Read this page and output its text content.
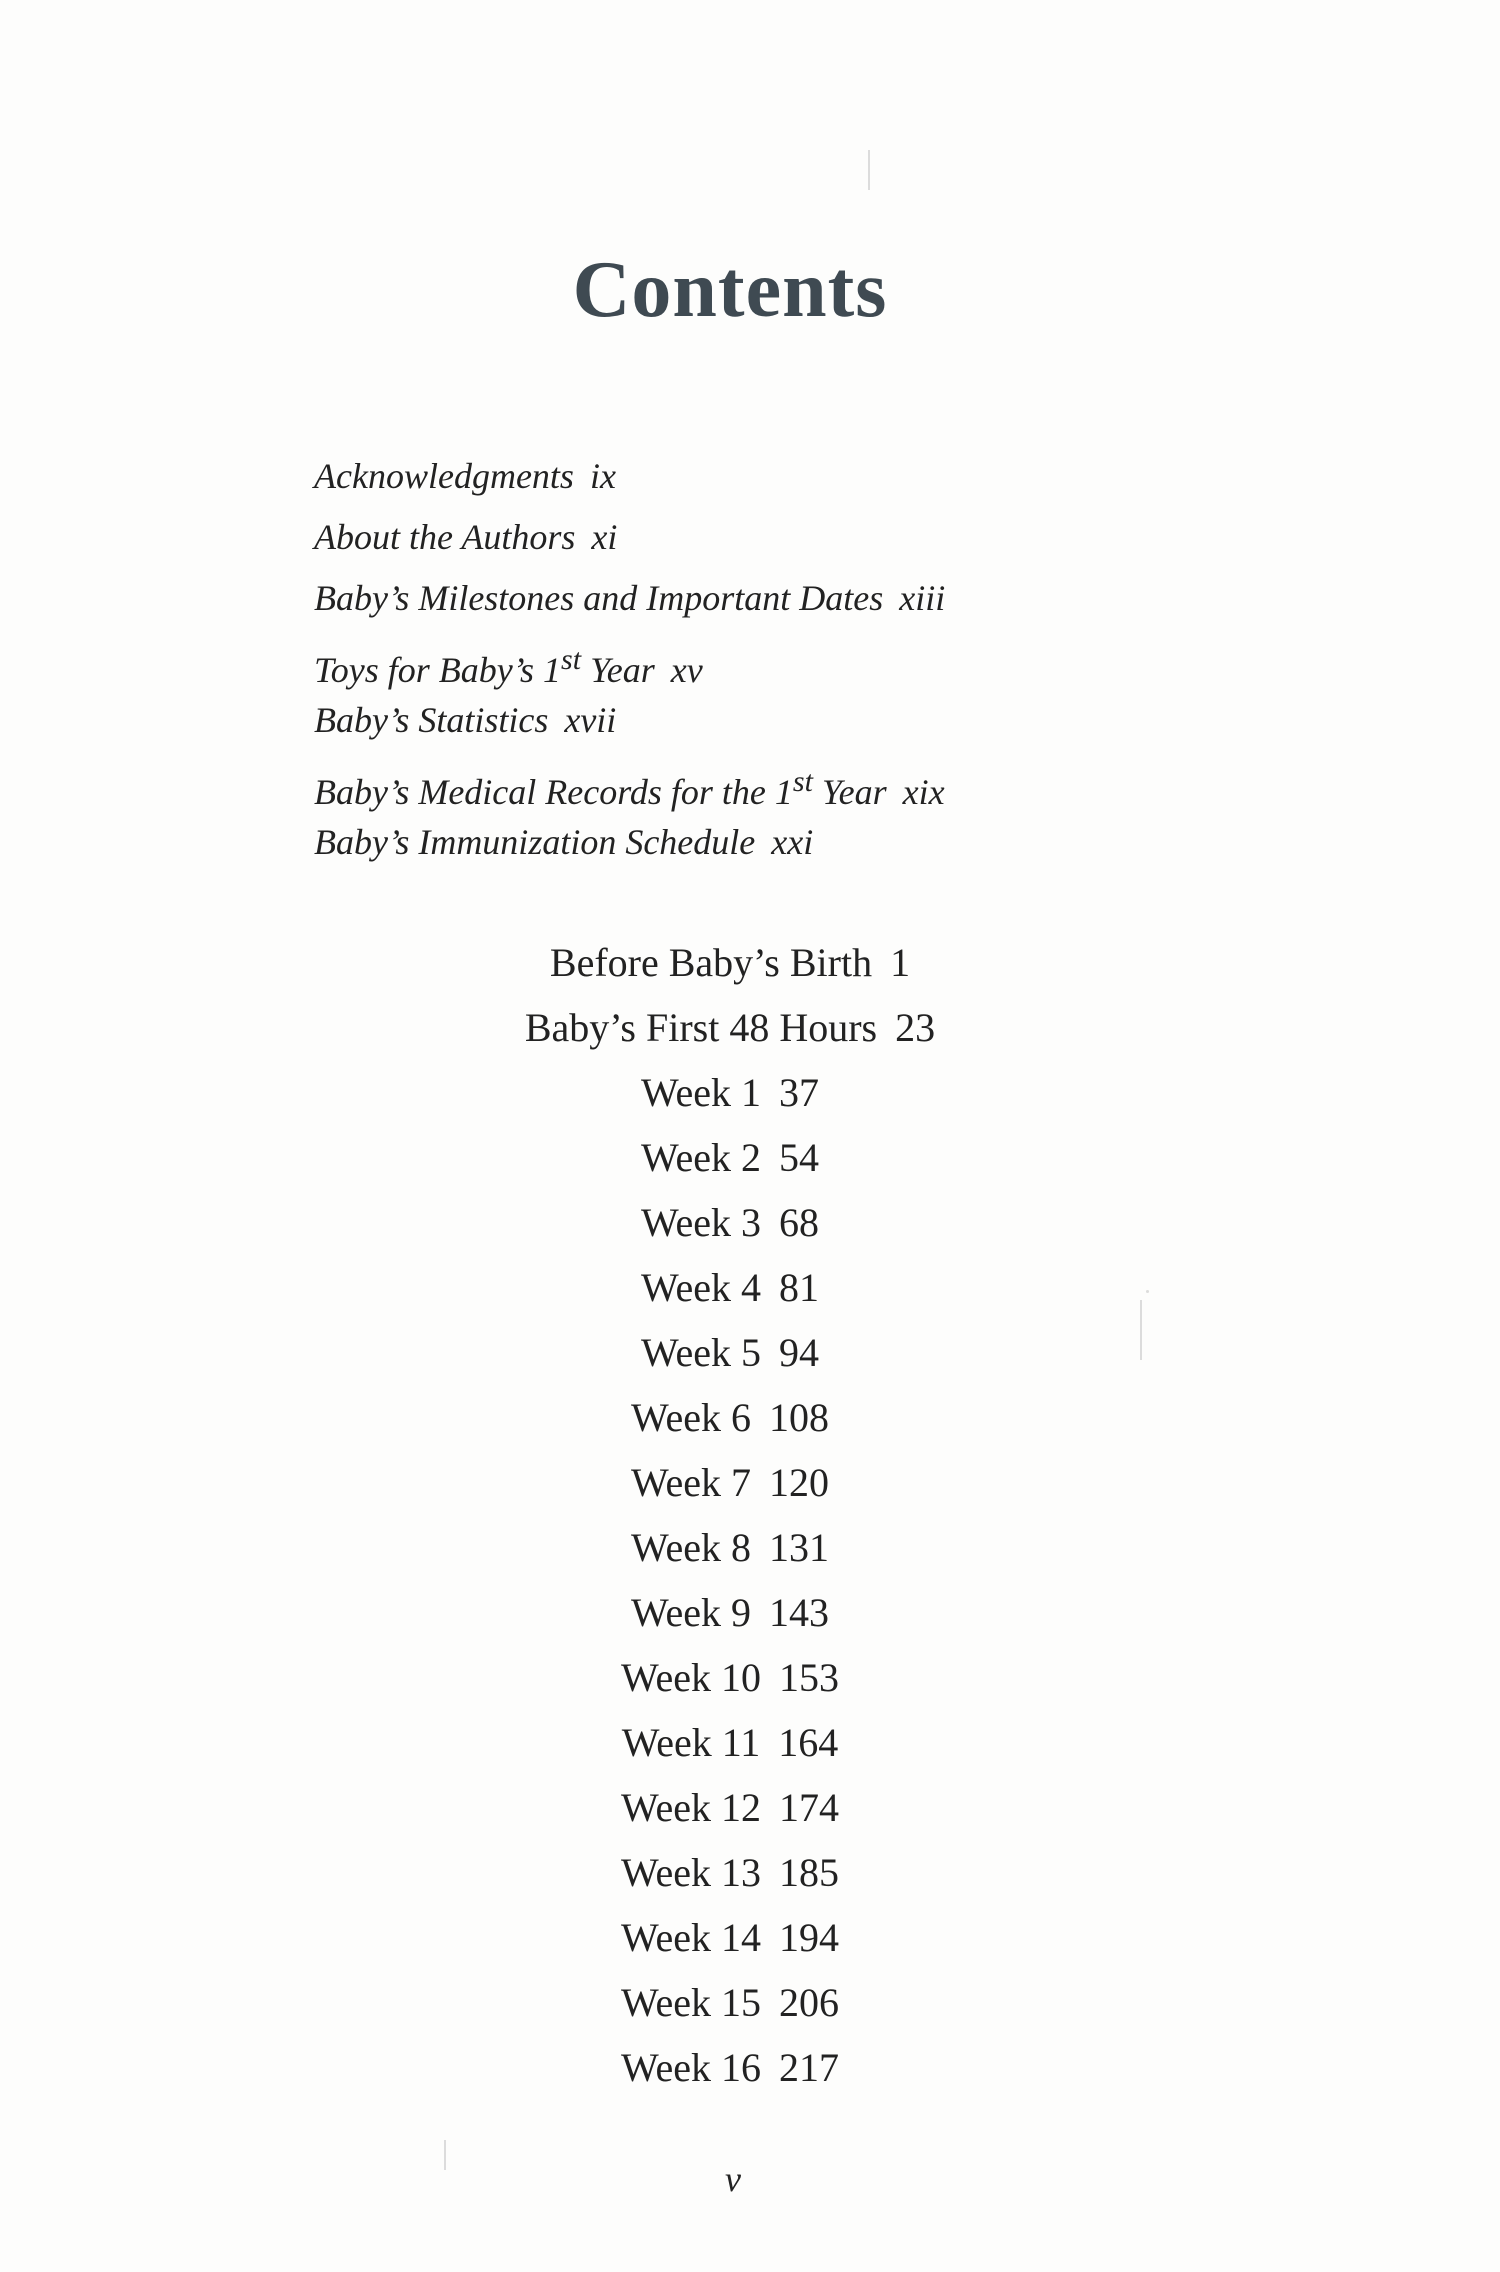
Contents
Acknowledgments ix
About the Authors xi
Baby’s Milestones and Important Dates xiii
Toys for Baby’s 1st Year xv
Baby’s Statistics xvii
Baby’s Medical Records for the 1st Year xix
Baby’s Immunization Schedule xxi
Before Baby’s Birth 1
Baby’s First 48 Hours 23
Week 1 37
Week 2 54
Week 3 68
Week 4 81
Week 5 94
Week 6 108
Week 7 120
Week 8 131
Week 9 143
Week 10 153
Week 11 164
Week 12 174
Week 13 185
Week 14 194
Week 15 206
Week 16 217
v
